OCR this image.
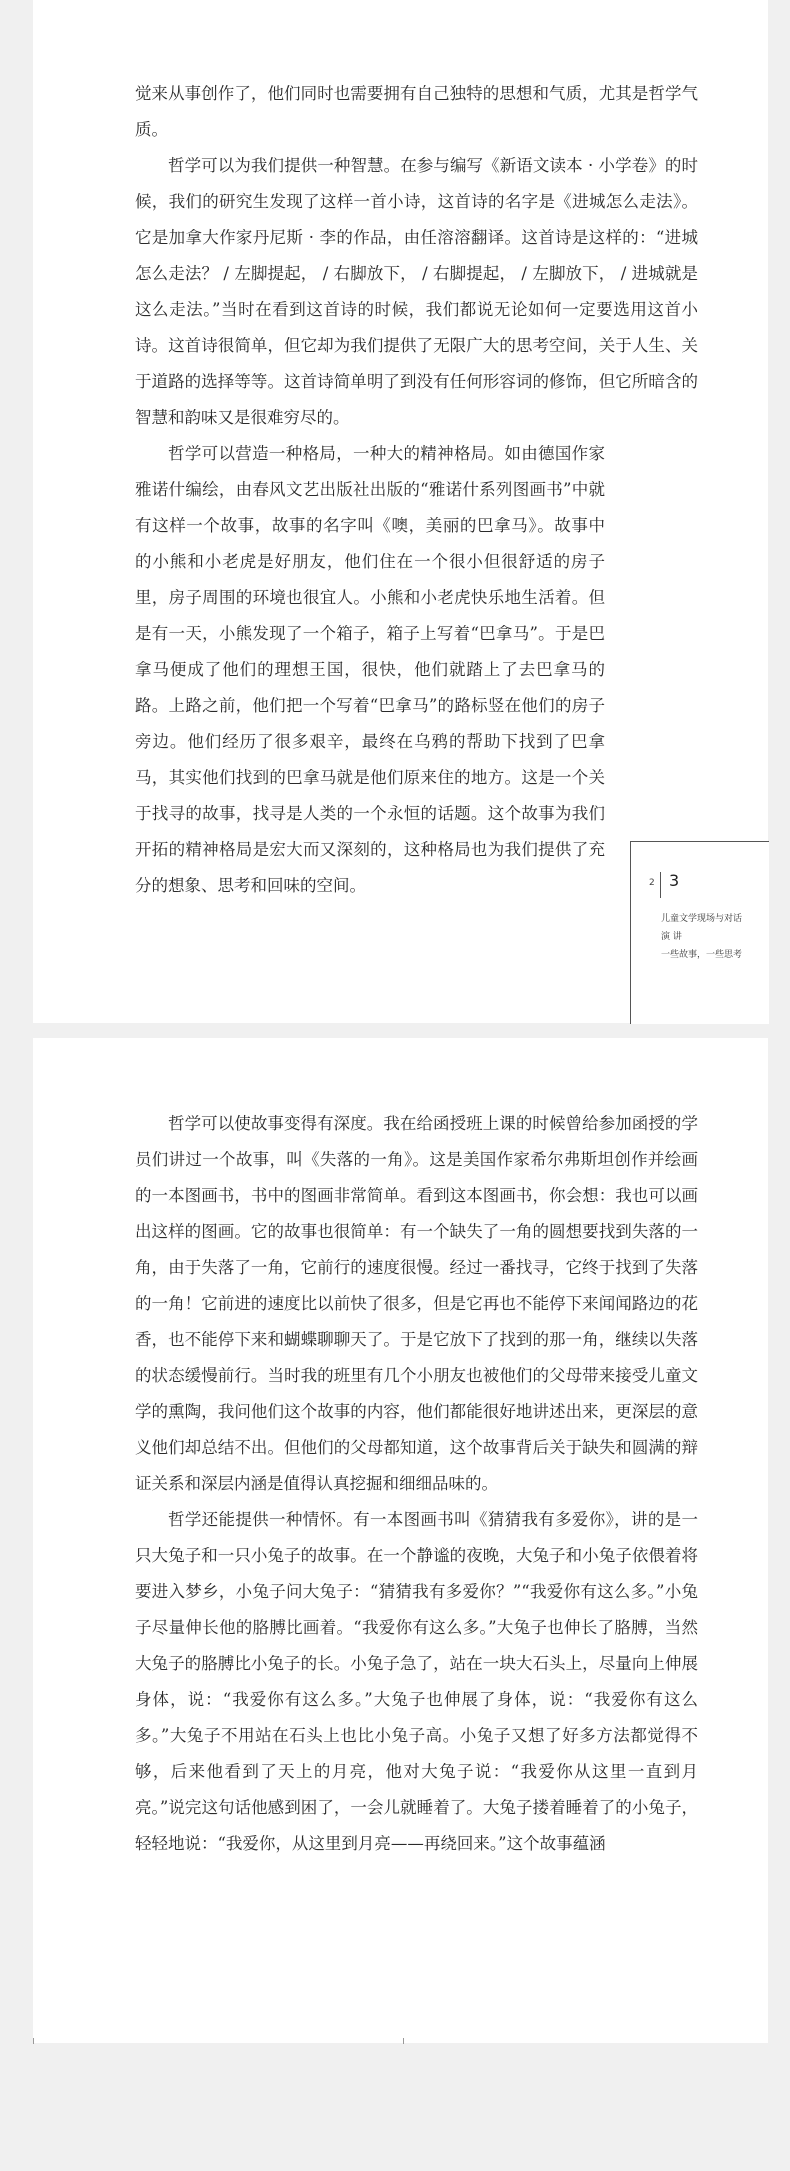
觉来从事创作了，他们同时也需要拥有自己独特的思想和气质，尤其是哲学气质。

哲学可以为我们提供一种智慧。在参与编写《新语文读本 · 小学卷》的时候，我们的研究生发现了这样一首小诗，这首诗的名字是《进城怎么走法》。它是加拿大作家丹尼斯 · 李的作品，由任溶溶翻译。这首诗是这样的：“进城怎么走法？ / 左脚提起， / 右脚放下， / 右脚提起， / 左脚放下， / 进城就是这么走法。”当时在看到这首诗的时候，我们都说无论如何一定要选用这首小诗。这首诗很简单，但它却为我们提供了无限广大的思考空间，关于人生、关于道路的选择等等。这首诗简单明了到没有任何形容词的修饰，但它所暗含的智慧和韵味又是很难穷尽的。

哲学可以营造一种格局，一种大的精神格局。如由德国作家雅诺什编绘，由春风文艺出版社出版的“雅诺什系列图画书”中就有这样一个故事，故事的名字叫《噢，美丽的巴拿马》。故事中的小熊和小老虎是好朋友，他们住在一个很小但很舒适的房子里，房子周围的环境也很宜人。小熊和小老虎快乐地生活着。但是有一天，小熊发现了一个箱子，箱子上写着“巴拿马”。于是巴拿马便成了他们的理想王国，很快，他们就踏上了去巴拿马的路。上路之前，他们把一个写着“巴拿马”的路标竖在他们的房子旁边。他们经历了很多艰辛，最终在乌鸦的帮助下找到了巴拿马，其实他们找到的巴拿马就是他们原来住的地方。这是一个关于找寻的故事，找寻是人类的一个永恒的话题。这个故事为我们开拓的精神格局是宏大而又深刻的，这种格局也为我们提供了充分的想象、思考和回味的空间。	2 3
儿童文学现场与对话
演 讲
一些故事，一些思考

哲学可以使故事变得有深度。我在给函授班上课的时候曾给参加函授的学员们讲过一个故事，叫《失落的一角》。这是美国作家希尔弗斯坦创作并绘画的一本图画书，书中的图画非常简单。看到这本图画书，你会想：我也可以画出这样的图画。它的故事也很简单：有一个缺失了一角的圆想要找到失落的一角，由于失落了一角，它前行的速度很慢。经过一番找寻，它终于找到了失落的一角！它前进的速度比以前快了很多，但是它再也不能停下来闻闻路边的花香，也不能停下来和蝴蝶聊聊天了。于是它放下了找到的那一角，继续以失落的状态缓慢前行。当时我的班里有几个小朋友也被他们的父母带来接受儿童文学的熏陶，我问他们这个故事的内容，他们都能很好地讲述出来，更深层的意义他们却总结不出。但他们的父母都知道，这个故事背后关于缺失和圆满的辩证关系和深层内涵是值得认真挖掘和细细品味的。

哲学还能提供一种情怀。有一本图画书叫《猜猜我有多爱你》，讲的是一只大兔子和一只小兔子的故事。在一个静谧的夜晚，大兔子和小兔子依偎着将要进入梦乡，小兔子问大兔子：“猜猜我有多爱你？”“我爱你有这么多。”小兔子尽量伸长他的胳膊比画着。“我爱你有这么多。”大兔子也伸长了胳膊，当然大兔子的胳膊比小兔子的长。小兔子急了，站在一块大石头上，尽量向上伸展身体，说：“我爱你有这么多。”大兔子也伸展了身体，说：“我爱你有这么多。”大兔子不用站在石头上也比小兔子高。小兔子又想了好多方法都觉得不够，后来他看到了天上的月亮，他对大兔子说：“我爱你从这里一直到月亮。”说完这句话他感到困了，一会儿就睡着了。大兔子搂着睡着了的小兔子，轻轻地说：“我爱你，从这里到月亮——再绕回来。”这个故事蕴涵
